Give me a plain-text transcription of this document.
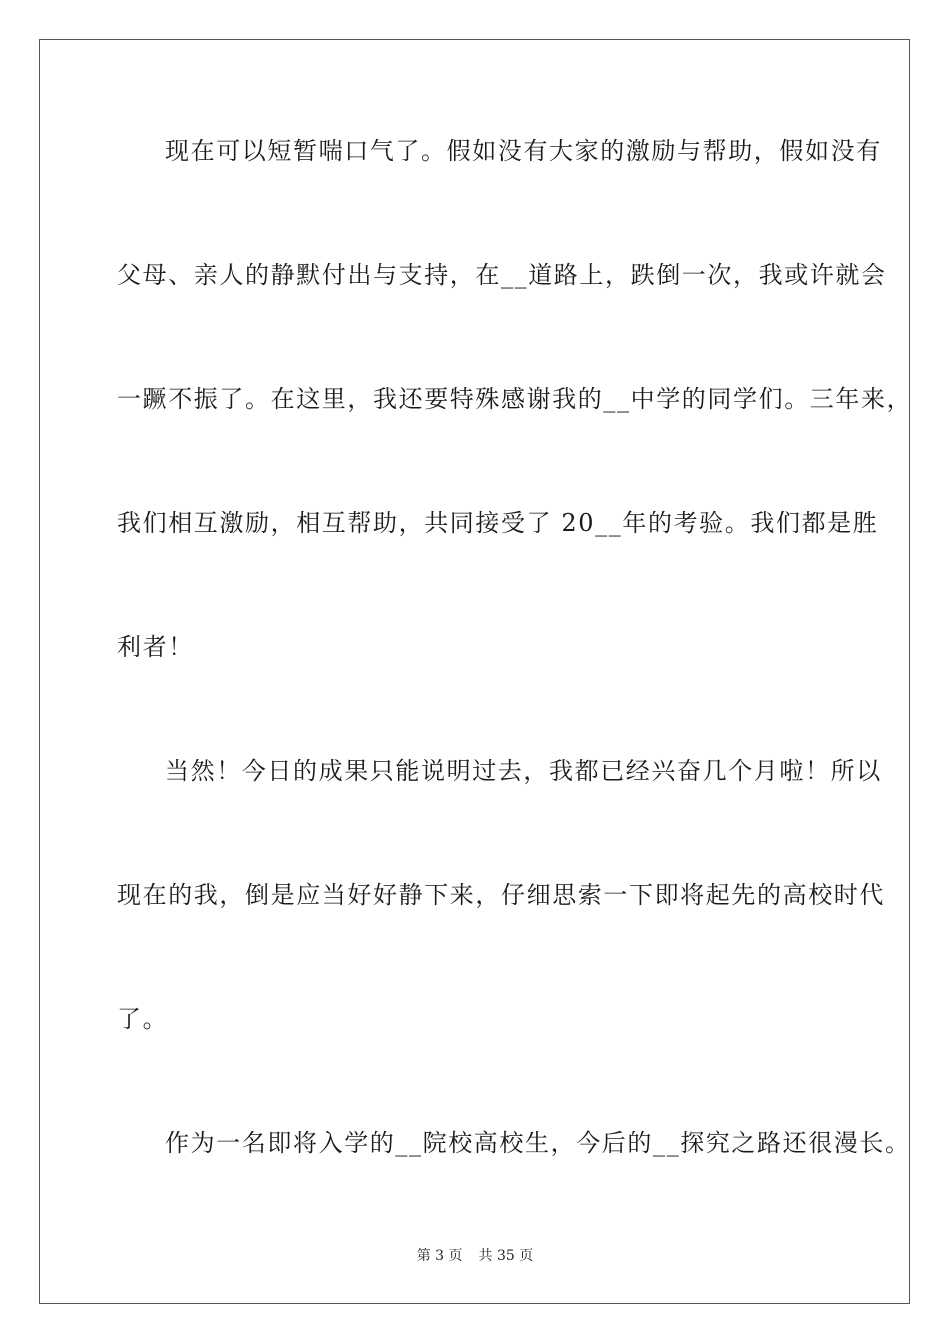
现在可以短暂喘口气了。假如没有大家的激励与帮助，假如没有
父母、亲人的静默付出与支持，在__道路上，跌倒一次，我或许就会
一蹶不振了。在这里，我还要特殊感谢我的__中学的同学们。三年来，
我们相互激励，相互帮助，共同接受了 20__年的考验。我们都是胜
利者！
当然！今日的成果只能说明过去，我都已经兴奋几个月啦！所以
现在的我，倒是应当好好静下来，仔细思索一下即将起先的高校时代
了。
作为一名即将入学的__院校高校生，今后的__探究之路还很漫长。
第 3 页 共 35 页
